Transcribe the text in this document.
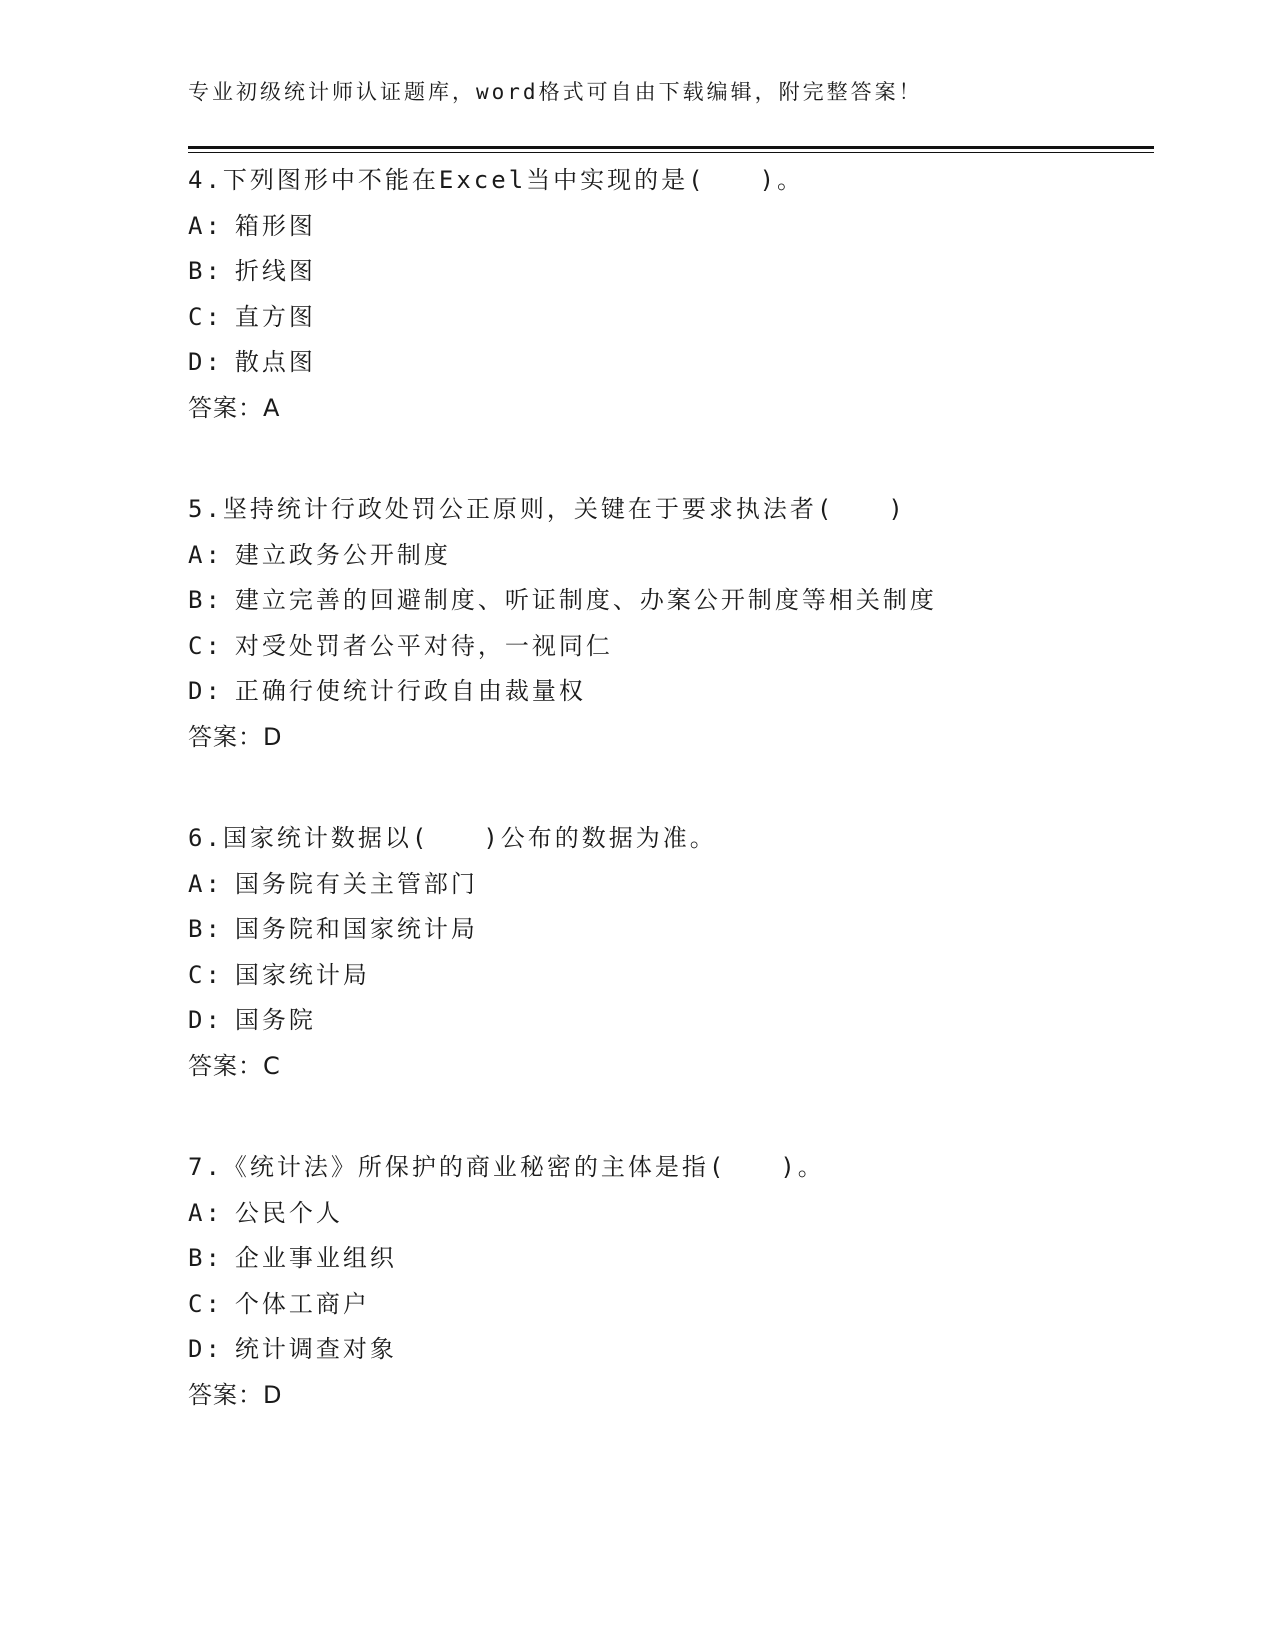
专业初级统计师认证题库，word格式可自由下载编辑，附完整答案！
4.下列图形中不能在Excel当中实现的是(　　)。
A: 箱形图
B: 折线图
C: 直方图
D: 散点图
答案：A
5.坚持统计行政处罚公正原则，关键在于要求执法者(　　)
A: 建立政务公开制度
B: 建立完善的回避制度、听证制度、办案公开制度等相关制度
C: 对受处罚者公平对待，一视同仁
D: 正确行使统计行政自由裁量权
答案：D
6.国家统计数据以(　　)公布的数据为准。
A: 国务院有关主管部门
B: 国务院和国家统计局
C: 国家统计局
D: 国务院
答案：C
7.《统计法》所保护的商业秘密的主体是指(　　)。
A: 公民个人
B: 企业事业组织
C: 个体工商户
D: 统计调查对象
答案：D
